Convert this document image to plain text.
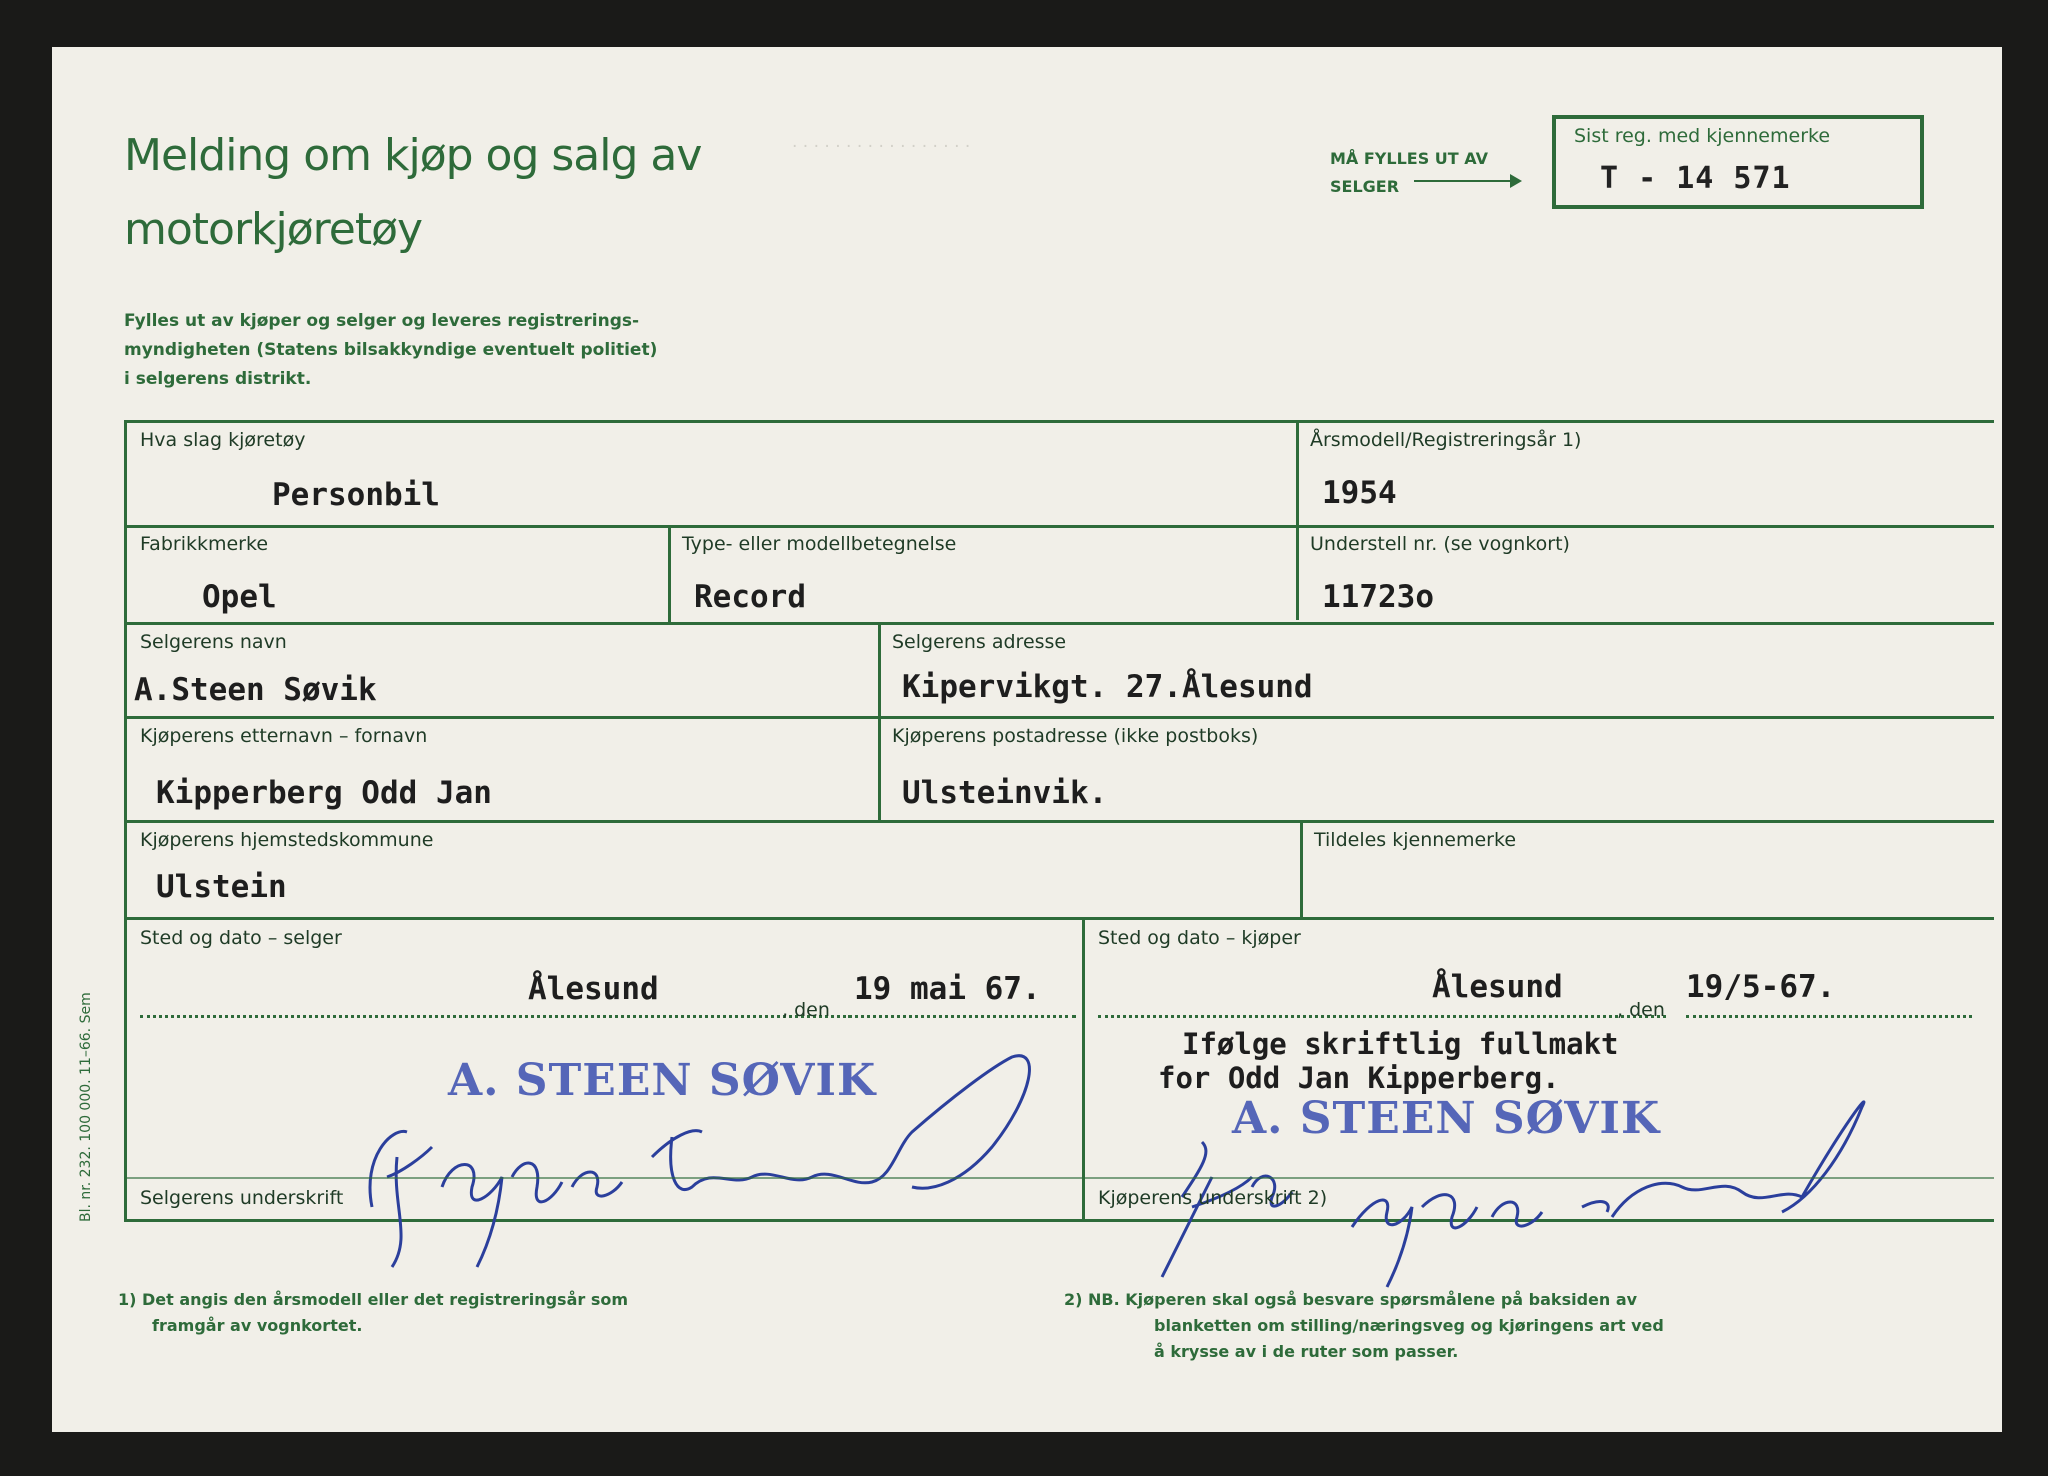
· · · · · · · · · · · · · · · · ·
Melding om kjøp og salg av
motorkjøretøy
Fylles ut av kjøper og selger og leveres registrerings-
myndigheten (Statens bilsakkyndige eventuelt politiet)
i selgerens distrikt.
MÅ FYLLES UT AV
SELGER
Sist reg. med kjennemerke
T - 14 571
Hva slag kjøretøy
Personbil
Årsmodell/Registreringsår 1)
1954
Fabrikkmerke
Opel
Type- eller modellbetegnelse
Record
Understell nr. (se vognkort)
11723o
Selgerens navn
A.Steen Søvik
Selgerens adresse
Kipervikgt. 27.Ålesund
Kjøperens etternavn – fornavn
Kipperberg Odd Jan
Kjøperens postadresse (ikke postboks)
Ulsteinvik.
Kjøperens hjemstedskommune
Ulstein
Tildeles kjennemerke
Sted og dato – selger
Ålesund
, den
19 mai 67.
Sted og dato – kjøper
Ålesund
, den
19/5-67.
Ifølge skriftlig fullmakt
for Odd Jan Kipperberg.
A. STEEN SØVIK
A. STEEN SØVIK
Selgerens underskrift	Kjøperens underskrift 2)
Bl. nr. 232. 100 000. 11–66. Sem
1) Det angis den årsmodell eller det registreringsår som
framgår av vognkortet.
2) NB. Kjøperen skal også besvare spørsmålene på baksiden av
blanketten om stilling/næringsveg og kjøringens art ved
å krysse av i de ruter som passer.
